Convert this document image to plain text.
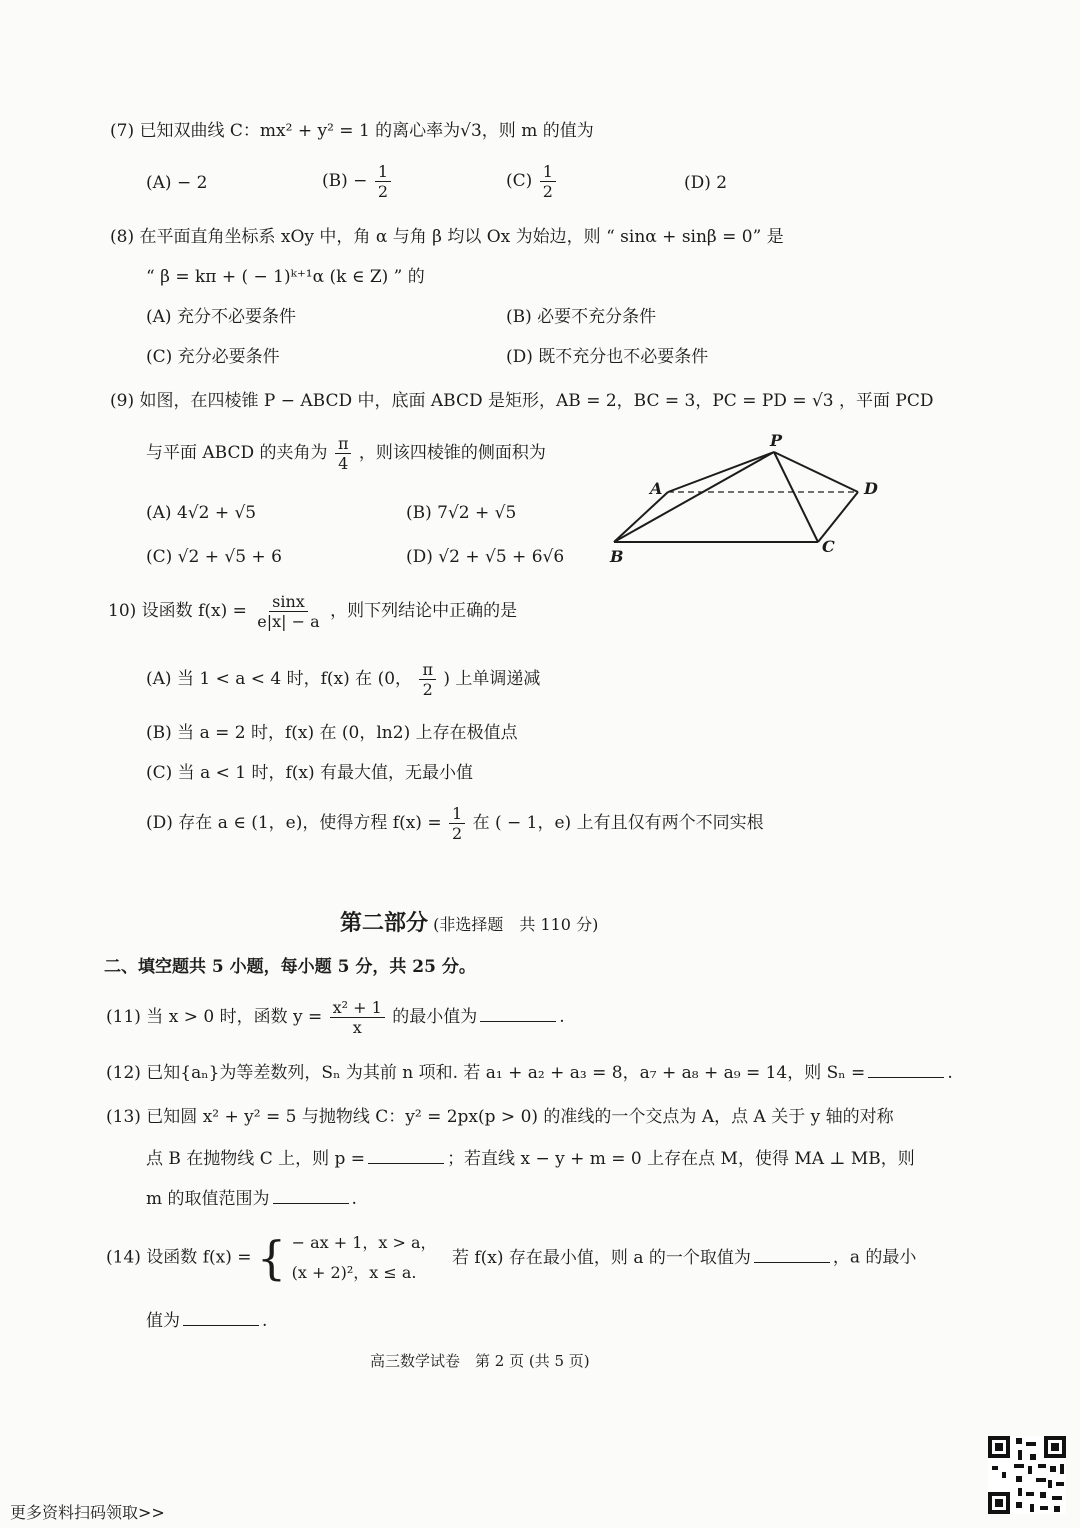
(7) 已知双曲线 C：mx² + y² = 1 的离心率为√3，则 m 的值为
(A) − 2	$(B) - \frac{1}{2}$	$(C) \frac{1}{2}$	(D) 2
(8) 在平面直角坐标系 xOy 中，角 α 与角 β 均以 Ox 为始边，则 “ sinα + sinβ = 0” 是
“ β = kπ + ( − 1)ᵏ⁺¹α (k ∈ Z) ” 的
(A) 充分不必要条件	(B) 必要不充分条件
(C) 充分必要条件	(D) 既不充分也不必要条件
(9) 如图，在四棱锥 P − ABCD 中，底面 ABCD 是矩形，AB = 2，BC = 3，PC = PD = √3 ，平面 PCD
与平面 ABCD 的夹角为 $\frac{\pi}{4}$ ，则该四棱锥的侧面积为
(A) 4√2 + √5	(B) 7√2 + √5
(C) √2 + √5 + 6	(D) √2 + √5 + 6√6
P
A
B
C
D
10) 设函数 $f(x) = \frac{\sin x}{e|x| - a}$ ，则下列结论中正确的是
(A) 当 1 < a < 4 时，f(x) 在 (0， $\frac{\pi}{2}$ ) 上单调递减
(B) 当 a = 2 时，f(x) 在 (0，ln2) 上存在极值点
(C) 当 a < 1 时，f(x) 有最大值，无最小值
(D) 存在 a ∈ (1，e)，使得方程 $f(x) = \frac{1}{2}$ 在 ( − 1，e) 上有且仅有两个不同实根
第二部分 (非选择题　共 110 分)
二、填空题共 5 小题，每小题 5 分，共 25 分。
(11) 当 x > 0 时，函数 $y = \frac{\text{x² + 1}}{x}$ 的最小值为	.
(12) 已知{aₙ}为等差数列，Sₙ 为其前 n 项和. 若 a₁ + a₂ + a₃ = 8，a₇ + a₈ + a₉ = 14，则 Sₙ =	.
(13) 已知圆 x² + y² = 5 与抛物线 C：y² = 2px(p > 0) 的准线的一个交点为 A，点 A 关于 y 轴的对称
点 B 在抛物线 C 上，则 p =	；若直线 x − y + m = 0 上存在点 M，使得 MA ⊥ MB，则
m 的取值范围为	.
(14) 设函数 f(x) = { − ax + 1，x > a，
(x + 2)²，x ≤ a.
若 f(x) 存在最小值，则 a 的一个取值为	，a 的最小
值为	.
高三数学试卷　第 2 页 (共 5 页)
更多资料扫码领取>>
